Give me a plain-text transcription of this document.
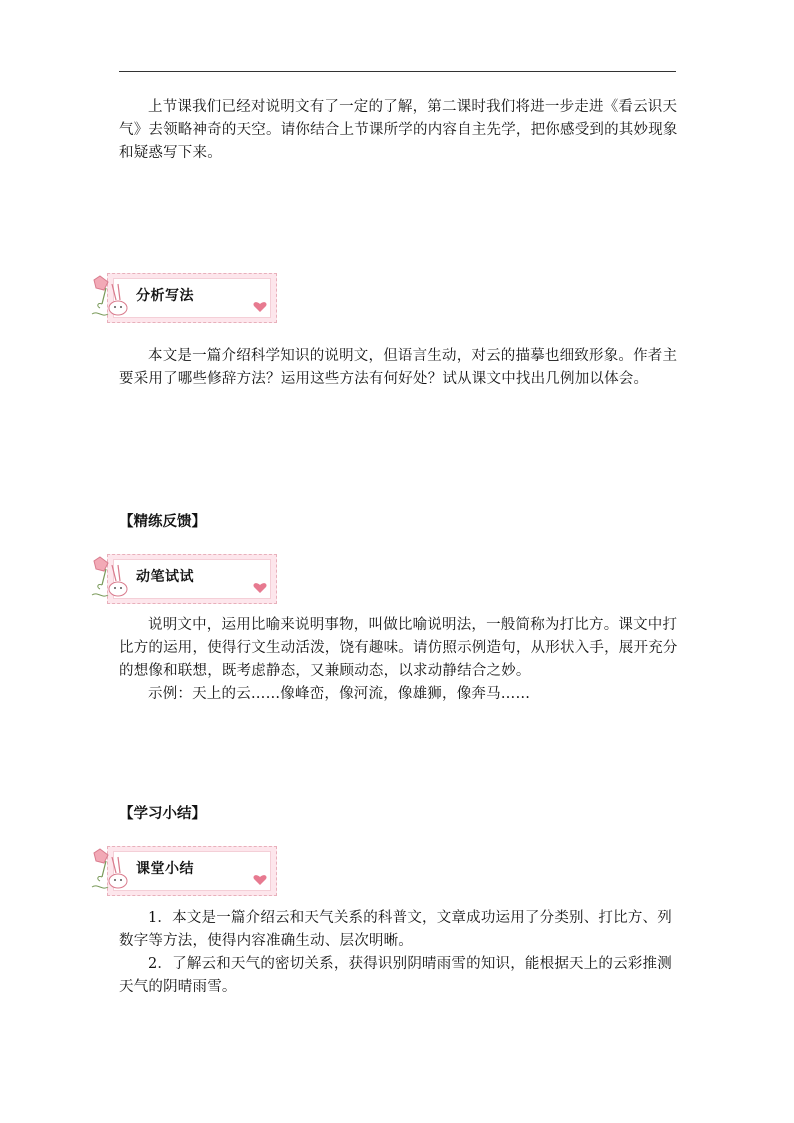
上节课我们已经对说明文有了一定的了解，第二课时我们将进一步走进《看云识天气》去领略神奇的天空。请你结合上节课所学的内容自主先学，把你感受到的其妙现象和疑惑写下来。

分析写法

本文是一篇介绍科学知识的说明文，但语言生动，对云的描摹也细致形象。作者主要采用了哪些修辞方法？运用这些方法有何好处？试从课文中找出几例加以体会。

【精练反馈】

动笔试试

说明文中，运用比喻来说明事物，叫做比喻说明法，一般简称为打比方。课文中打比方的运用，使得行文生动活泼，饶有趣味。请仿照示例造句，从形状入手，展开充分的想像和联想，既考虑静态，又兼顾动态，以求动静结合之妙。

示例：天上的云……像峰峦，像河流，像雄狮，像奔马……

【学习小结】

课堂小结

1．本文是一篇介绍云和天气关系的科普文，文章成功运用了分类别、打比方、列数字等方法，使得内容准确生动、层次明晰。

2．了解云和天气的密切关系，获得识别阴晴雨雪的知识，能根据天上的云彩推测天气的阴晴雨雪。
